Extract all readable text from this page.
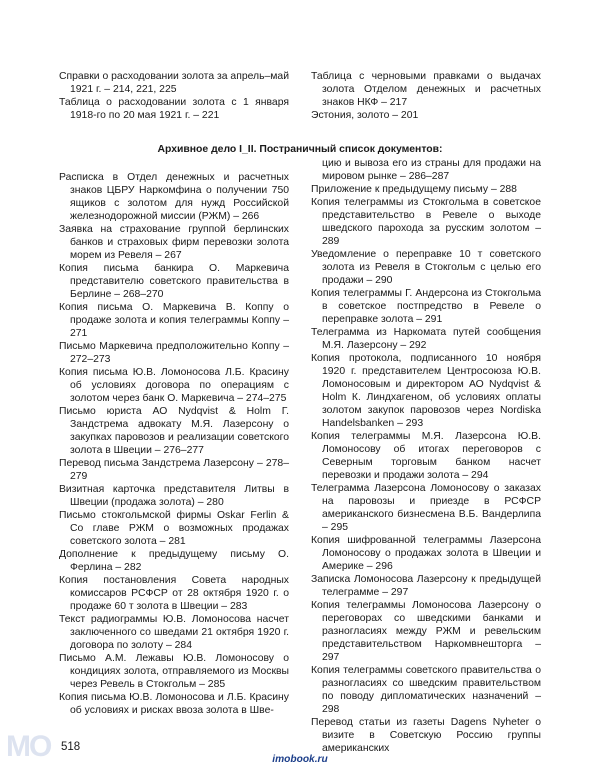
MO

Справки о расходовании золота за апрель–май 1921 г. – 214, 221, 225

Таблица о расходовании золота с 1 января 1918-го по 20 мая 1921 г. – 221

Таблица с черновыми правками о выдачах золота Отделом денежных и расчетных знаков НКФ – 217

Эстония, золото – 201

Архивное дело I_II. Постраничный список документов:

Расписка в Отдел денежных и расчетных знаков ЦБРУ Наркомфина о получении 750 ящиков с золотом для нужд Российской железнодорожной миссии (РЖМ) – 266

Заявка на страхование группой берлинских банков и страховых фирм перевозки золота морем из Ревеля – 267

Копия письма банкира О. Маркевича представителю советского правительства в Берлине – 268–270

Копия письма О. Маркевича В. Коппу о продаже золота и копия телеграммы Коппу – 271

Письмо Маркевича предположительно Коппу – 272–273

Копия письма Ю.В. Ломоносова Л.Б. Красину об условиях договора по операциям с золотом через банк О. Маркевича – 274–275

Письмо юриста АО Nydqvist & Holm Г. Зандстрема адвокату М.Я. Лазерсону о закупках паровозов и реализации советского золота в Швеции – 276–277

Перевод письма Зандстрема Лазерсону – 278–279

Визитная карточка представителя Литвы в Швеции (продажа золота) – 280

Письмо стокгольмской фирмы Oskar Ferlin & Co главе РЖМ о возможных продажах советского золота – 281

Дополнение к предыдущему письму О. Ферлина – 282

Копия постановления Совета народных комиссаров РСФСР от 28 октября 1920 г. о продаже 60 т золота в Швеции – 283

Текст радиограммы Ю.В. Ломоносова насчет заключенного со шведами 21 октября 1920 г. договора по золоту – 284

Письмо А.М. Лежавы Ю.В. Ломоносову о кондициях золота, отправляемого из Москвы через Ревель в Стокгольм – 285

Копия письма Ю.В. Ломоносова и Л.Б. Красину об условиях и рисках ввоза золота в Шве-

цию и вывоза его из страны для продажи на мировом рынке – 286–287

Приложение к предыдущему письму – 288

Копия телеграммы из Стокгольма в советское представительство в Ревеле о выходе шведского парохода за русским золотом – 289

Уведомление о переправке 10 т советского золота из Ревеля в Стокгольм с целью его продажи – 290

Копия телеграммы Г. Андерсона из Стокгольма в советское постпредство в Ревеле о переправке золота – 291

Телеграмма из Наркомата путей сообщения М.Я. Лазерсону – 292

Копия протокола, подписанного 10 ноября 1920 г. представителем Центросоюза Ю.В. Ломоносовым и директором АО Nydqvist & Holm К. Линдхагеном, об условиях оплаты золотом закупок паровозов через Nordiska Handelsbanken – 293

Копия телеграммы М.Я. Лазерсона Ю.В. Ломоносову об итогах переговоров с Северным торговым банком насчет перевозки и продажи золота – 294

Телеграмма Лазерсона Ломоносову о заказах на паровозы и приезде в РСФСР американского бизнесмена В.Б. Вандерлипа – 295

Копия шифрованной телеграммы Лазерсона Ломоносову о продажах золота в Швеции и Америке – 296

Записка Ломоносова Лазерсону к предыдущей телеграмме – 297

Копия телеграммы Ломоносова Лазерсону о переговорах со шведскими банками и разногласиях между РЖМ и ревельским представительством Наркомвнешторга – 297

Копия телеграммы советского правительства о разногласиях со шведским правительством по поводу дипломатических назначений – 298

Перевод статьи из газеты Dagens Nyheter о визите в Советскую Россию группы американских

518
imobook.ru
